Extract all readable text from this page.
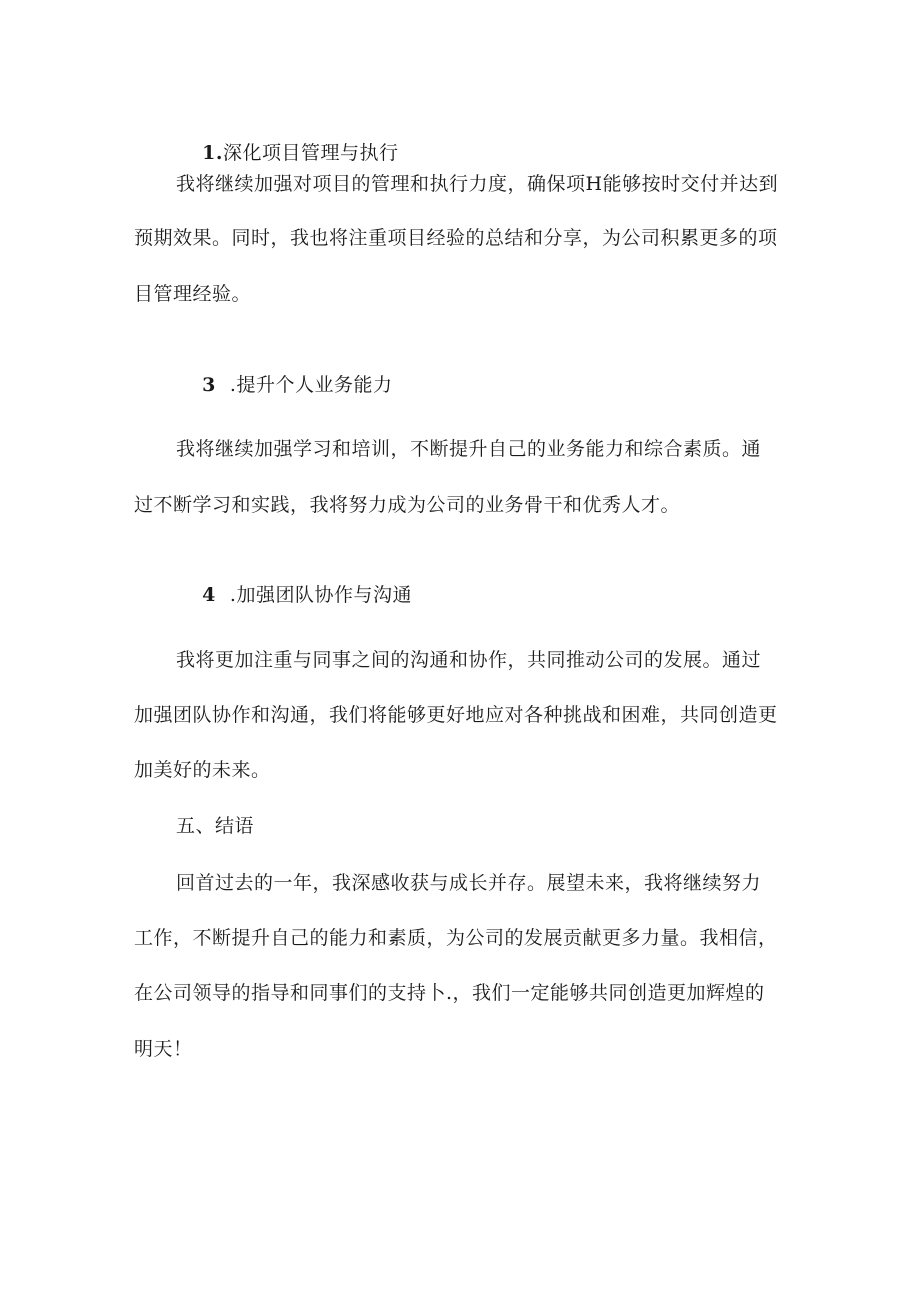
1.深化项目管理与执行

我将继续加强对项目的管理和执行力度，确保项H能够按时交付并达到
预期效果。同时，我也将注重项目经验的总结和分享，为公司积累更多的项
目管理经验。

3 .提升个人业务能力

我将继续加强学习和培训，不断提升自己的业务能力和综合素质。通
过不断学习和实践，我将努力成为公司的业务骨干和优秀人才。

4 .加强团队协作与沟通

我将更加注重与同事之间的沟通和协作，共同推动公司的发展。通过
加强团队协作和沟通，我们将能够更好地应对各种挑战和困难，共同创造更
加美好的未来。
五、结语
回首过去的一年，我深感收获与成长并存。展望未来，我将继续努力
工作，不断提升自己的能力和素质，为公司的发展贡献更多力量。我相信，
在公司领导的指导和同事们的支持卜.，我们一定能够共同创造更加辉煌的
明天！
